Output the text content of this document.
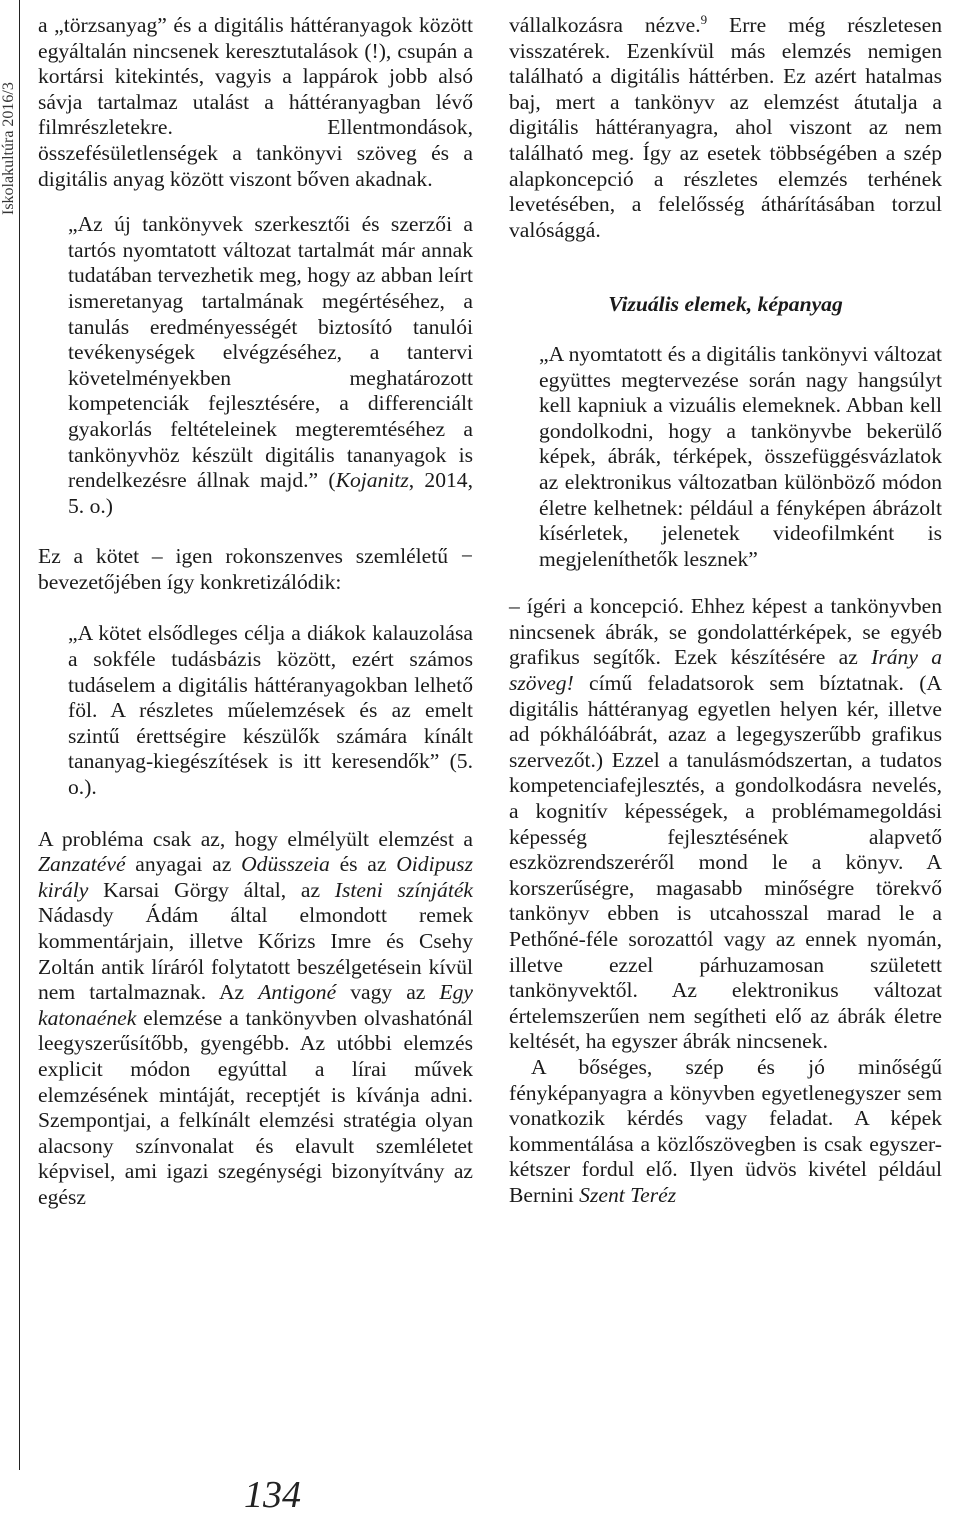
Iskolakultúra 2016/3

a „törzsanyag” és a digitális háttéranyagok között egyáltalán nincsenek keresztutalások (!), csupán a kortársi kitekintés, vagyis a lappárok jobb alsó sávja tartalmaz utalást a háttéranyagban lévő filmrészletekre. Ellentmondások, összefésületlenségek a tankönyvi szöveg és a digitális anyag között viszont bőven akadnak.

„Az új tankönyvek szerkesztői és szerzői a tartós nyomtatott változat tartalmát már annak tudatában tervezhetik meg, hogy az abban leírt ismeretanyag tartalmának megértéséhez, a tanulás eredményességét biztosító tanulói tevékenységek elvégzéséhez, a tantervi követelményekben meghatározott kompetenciák fejlesztésére, a differenciált gyakorlás feltételeinek megteremtéséhez a tankönyvhöz készült digitális tananyagok is rendelkezésre állnak majd.” (Kojanitz, 2014, 5. o.)

Ez a kötet – igen rokonszenves szemléletű − bevezetőjében így konkretizálódik:

„A kötet elsődleges célja a diákok kalauzolása a sokféle tudásbázis között, ezért számos tudáselem a digitális háttéranyagokban lelhető föl. A részletes műelemzések és az emelt szintű érettségire készülők számára kínált tananyag-kiegészítések is itt keresendők” (5. o.).

A probléma csak az, hogy elmélyült elemzést a Zanzatévé anyagai az Odüsszeia és az Oidipusz király Karsai Görgy által, az Isteni színjáték Nádasdy Ádám által elmondott remek kommentárjain, illetve Kőrizs Imre és Csehy Zoltán antik líráról folytatott beszélgetésein kívül nem tartalmaznak. Az Antigoné vagy az Egy katonaének elemzése a tankönyvben olvashatónál leegyszerűsítőbb, gyengébb. Az utóbbi elemzés explicit módon egyúttal a lírai művek elemzésének mintáját, receptjét is kívánja adni. Szempontjai, a felkínált elemzési stratégia olyan alacsony színvonalat és elavult szemléletet képvisel, ami igazi szegénységi bizonyítvány az egész

vállalkozásra nézve.$^9$ Erre még részletesen visszatérek. Ezenkívül más elemzés nemigen található a digitális háttérben. Ez azért hatalmas baj, mert a tankönyv az elemzést átutalja a digitális háttéranyagra, ahol viszont az nem található meg. Így az esetek többségében a szép alapkoncepció a részletes elemzés terhének levetésében, a felelősség áthárításában torzul valósággá.

Vizuális elemek, képanyag

„A nyomtatott és a digitális tankönyvi változat együttes megtervezése során nagy hangsúlyt kell kapniuk a vizuális elemeknek. Abban kell gondolkodni, hogy a tankönyvbe bekerülő képek, ábrák, térképek, összefüggésvázlatok az elektronikus változatban különböző módon életre kelhetnek: például a fényképen ábrázolt kísérletek, jelenetek videofilmként is megjeleníthetők lesznek”

– ígéri a koncepció. Ehhez képest a tankönyvben nincsenek ábrák, se gondolattérképek, se egyéb grafikus segítők. Ezek készítésére az Irány a szöveg! című feladatsorok sem bíztatnak. (A digitális háttéranyag egyetlen helyen kér, illetve ad pókhálóábrát, azaz a legegyszerűbb grafikus szervezőt.) Ezzel a tanulásmódszertan, a tudatos kompetenciafejlesztés, a gondolkodásra nevelés, a kognitív képességek, a problémamegoldási képesség fejlesztésének alapvető eszközrendszeréről mond le a könyv. A korszerűségre, magasabb minőségre törekvő tankönyv ebben is utcahosszal marad le a Pethőné-féle sorozattól vagy az ennek nyomán, illetve ezzel párhuzamosan született tankönyvektől. Az elektronikus változat értelemszerűen nem segítheti elő az ábrák életre keltését, ha egyszer ábrák nincsenek.

A bőséges, szép és jó minőségű fényképanyagra a könyvben egyetlenegyszer sem vonatkozik kérdés vagy feladat. A képek kommentálása a közlőszövegben is csak egyszer-kétszer fordul elő. Ilyen üdvös kivétel például Bernini Szent Teréz

134
